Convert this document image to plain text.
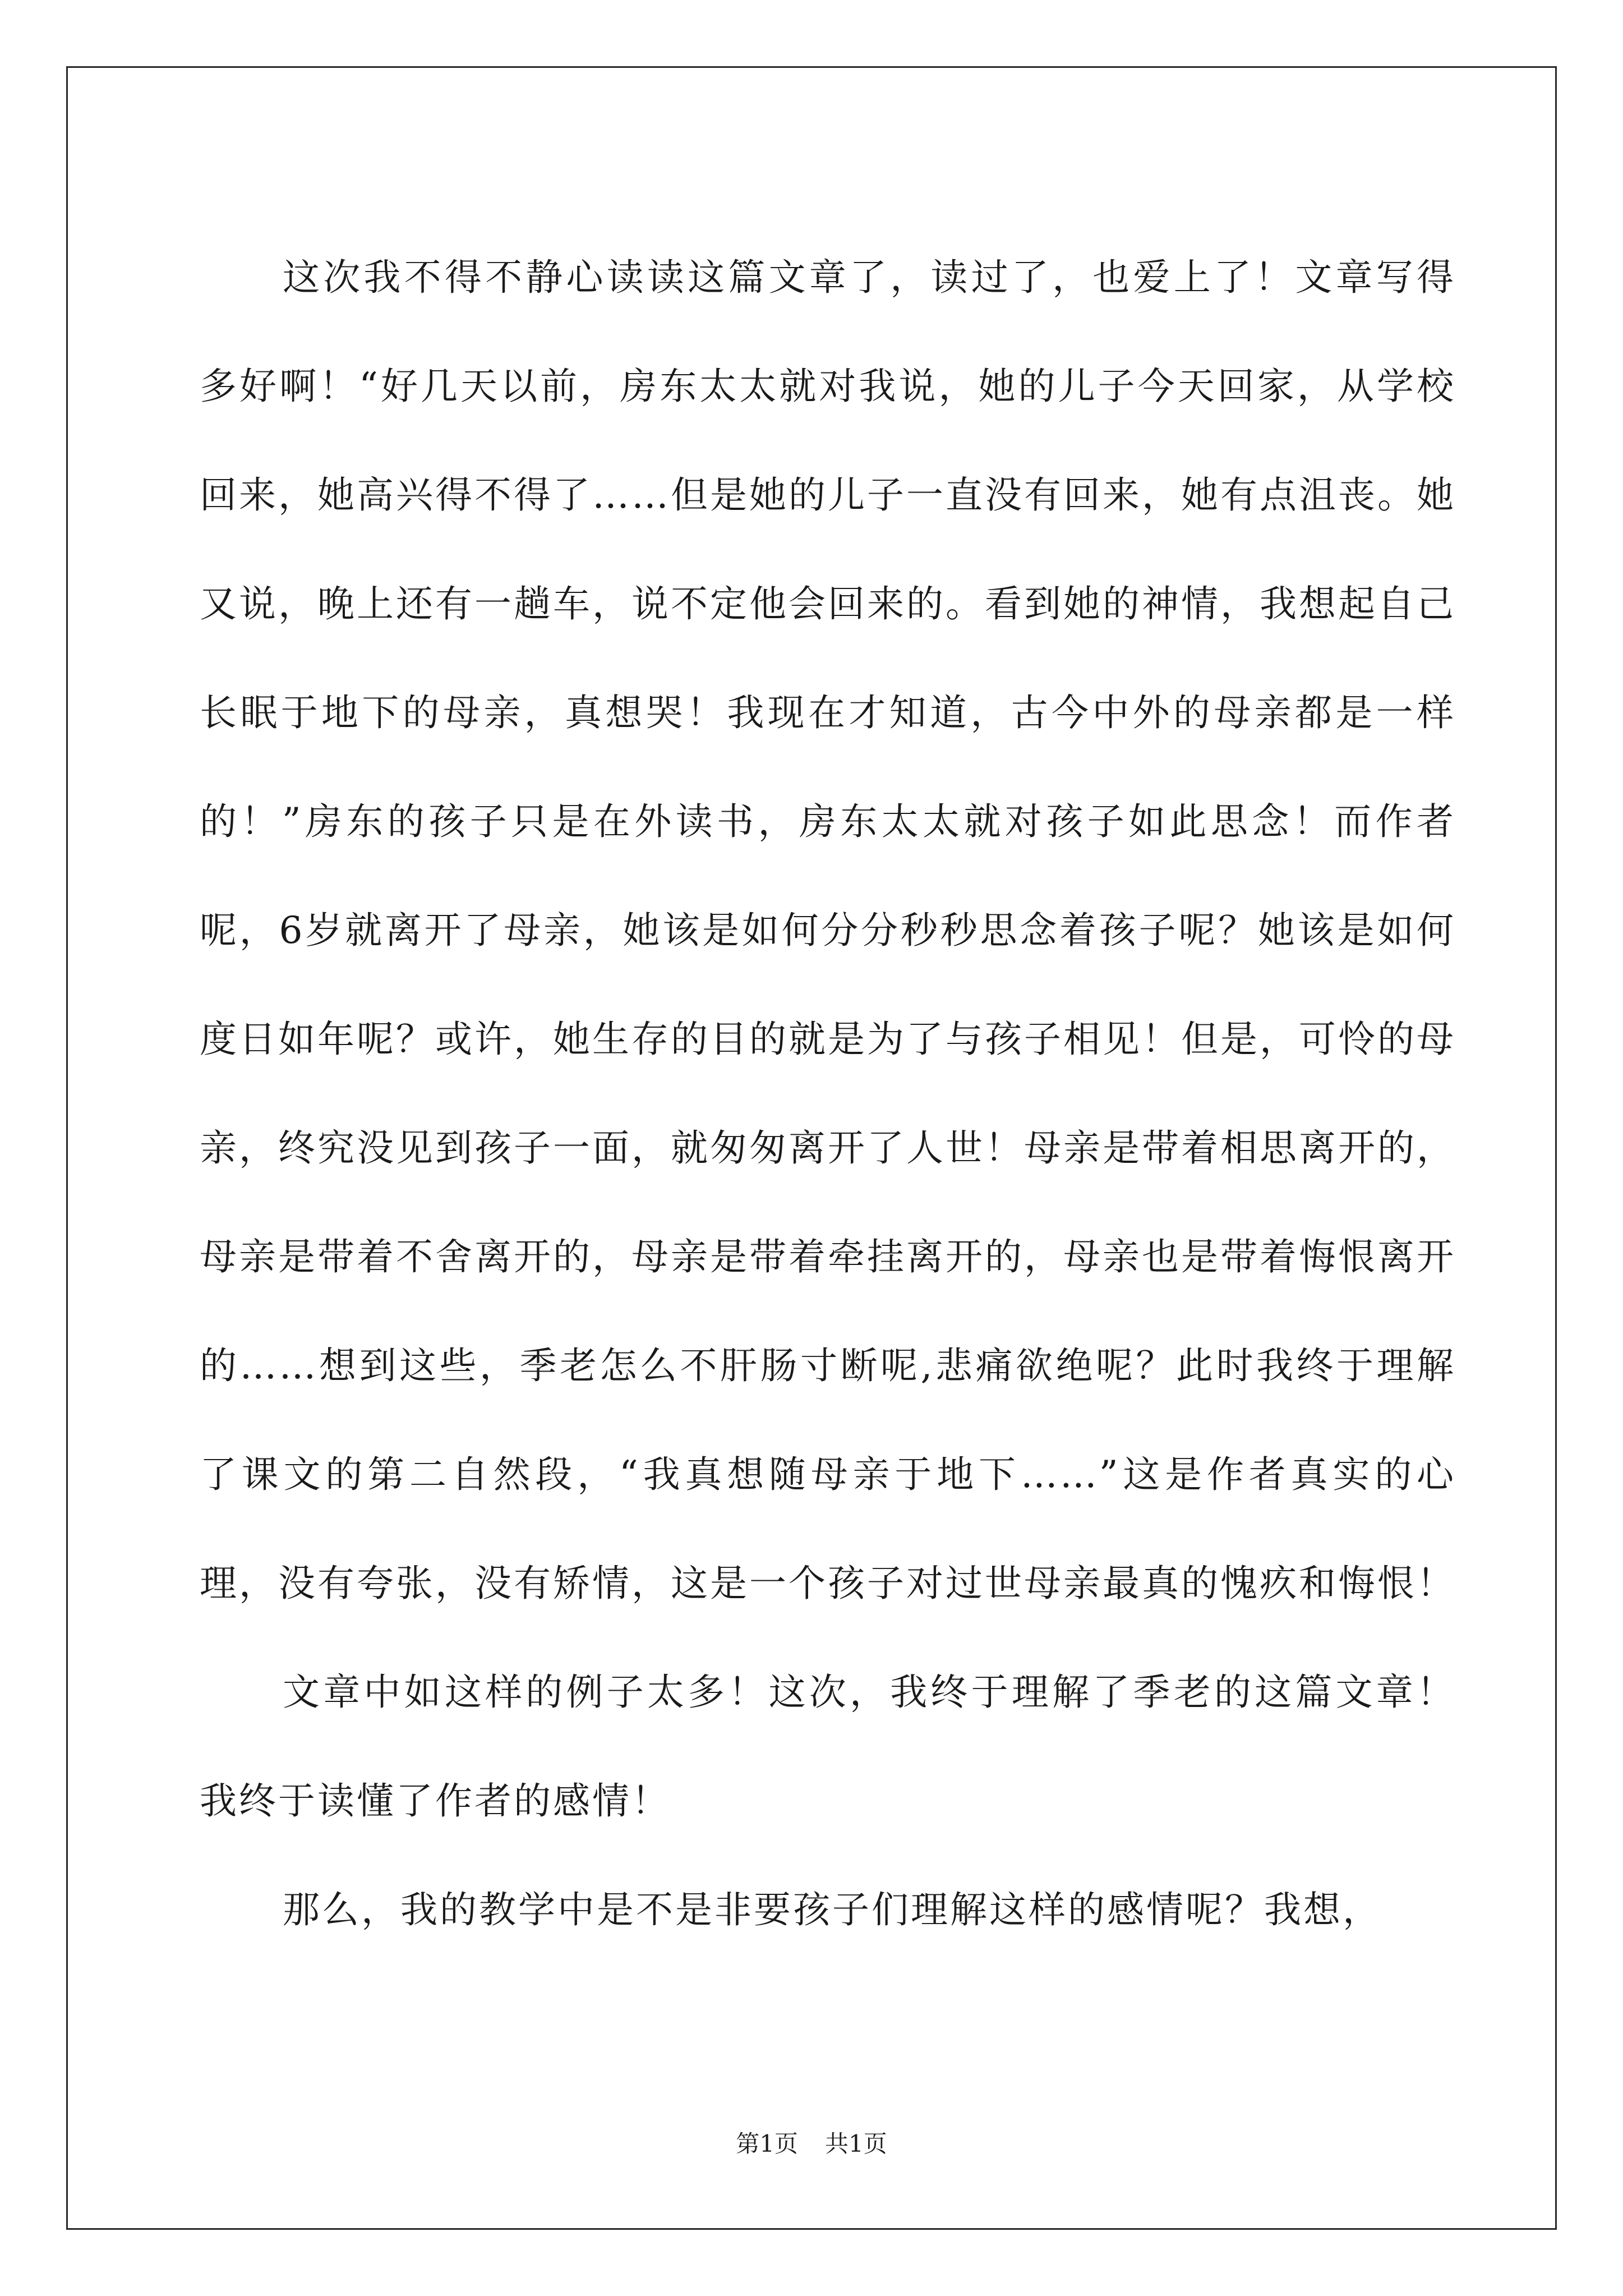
这次我不得不静心读读这篇文章了，读过了，也爱上了！文章写得多好啊！“好几天以前，房东太太就对我说，她的儿子今天回家，从学校回来，她高兴得不得了……但是她的儿子一直没有回来，她有点沮丧。她又说，晚上还有一趟车，说不定他会回来的。看到她的神情，我想起自己长眠于地下的母亲，真想哭！我现在才知道，古今中外的母亲都是一样的！”房东的孩子只是在外读书，房东太太就对孩子如此思念！而作者呢，6岁就离开了母亲，她该是如何分分秒秒思念着孩子呢？她该是如何度日如年呢？或许，她生存的目的就是为了与孩子相见！但是，可怜的母亲，终究没见到孩子一面，就匆匆离开了人世！母亲是带着相思离开的，母亲是带着不舍离开的，母亲是带着牵挂离开的，母亲也是带着悔恨离开的……想到这些，季老怎么不肝肠寸断呢,悲痛欲绝呢？此时我终于理解了课文的第二自然段，“我真想随母亲于地下……”这是作者真实的心理，没有夸张，没有矫情，这是一个孩子对过世母亲最真的愧疚和悔恨！

文章中如这样的例子太多！这次，我终于理解了季老的这篇文章！我终于读懂了作者的感情！

那么，我的教学中是不是非要孩子们理解这样的感情呢？我想，

第1页 共1页
